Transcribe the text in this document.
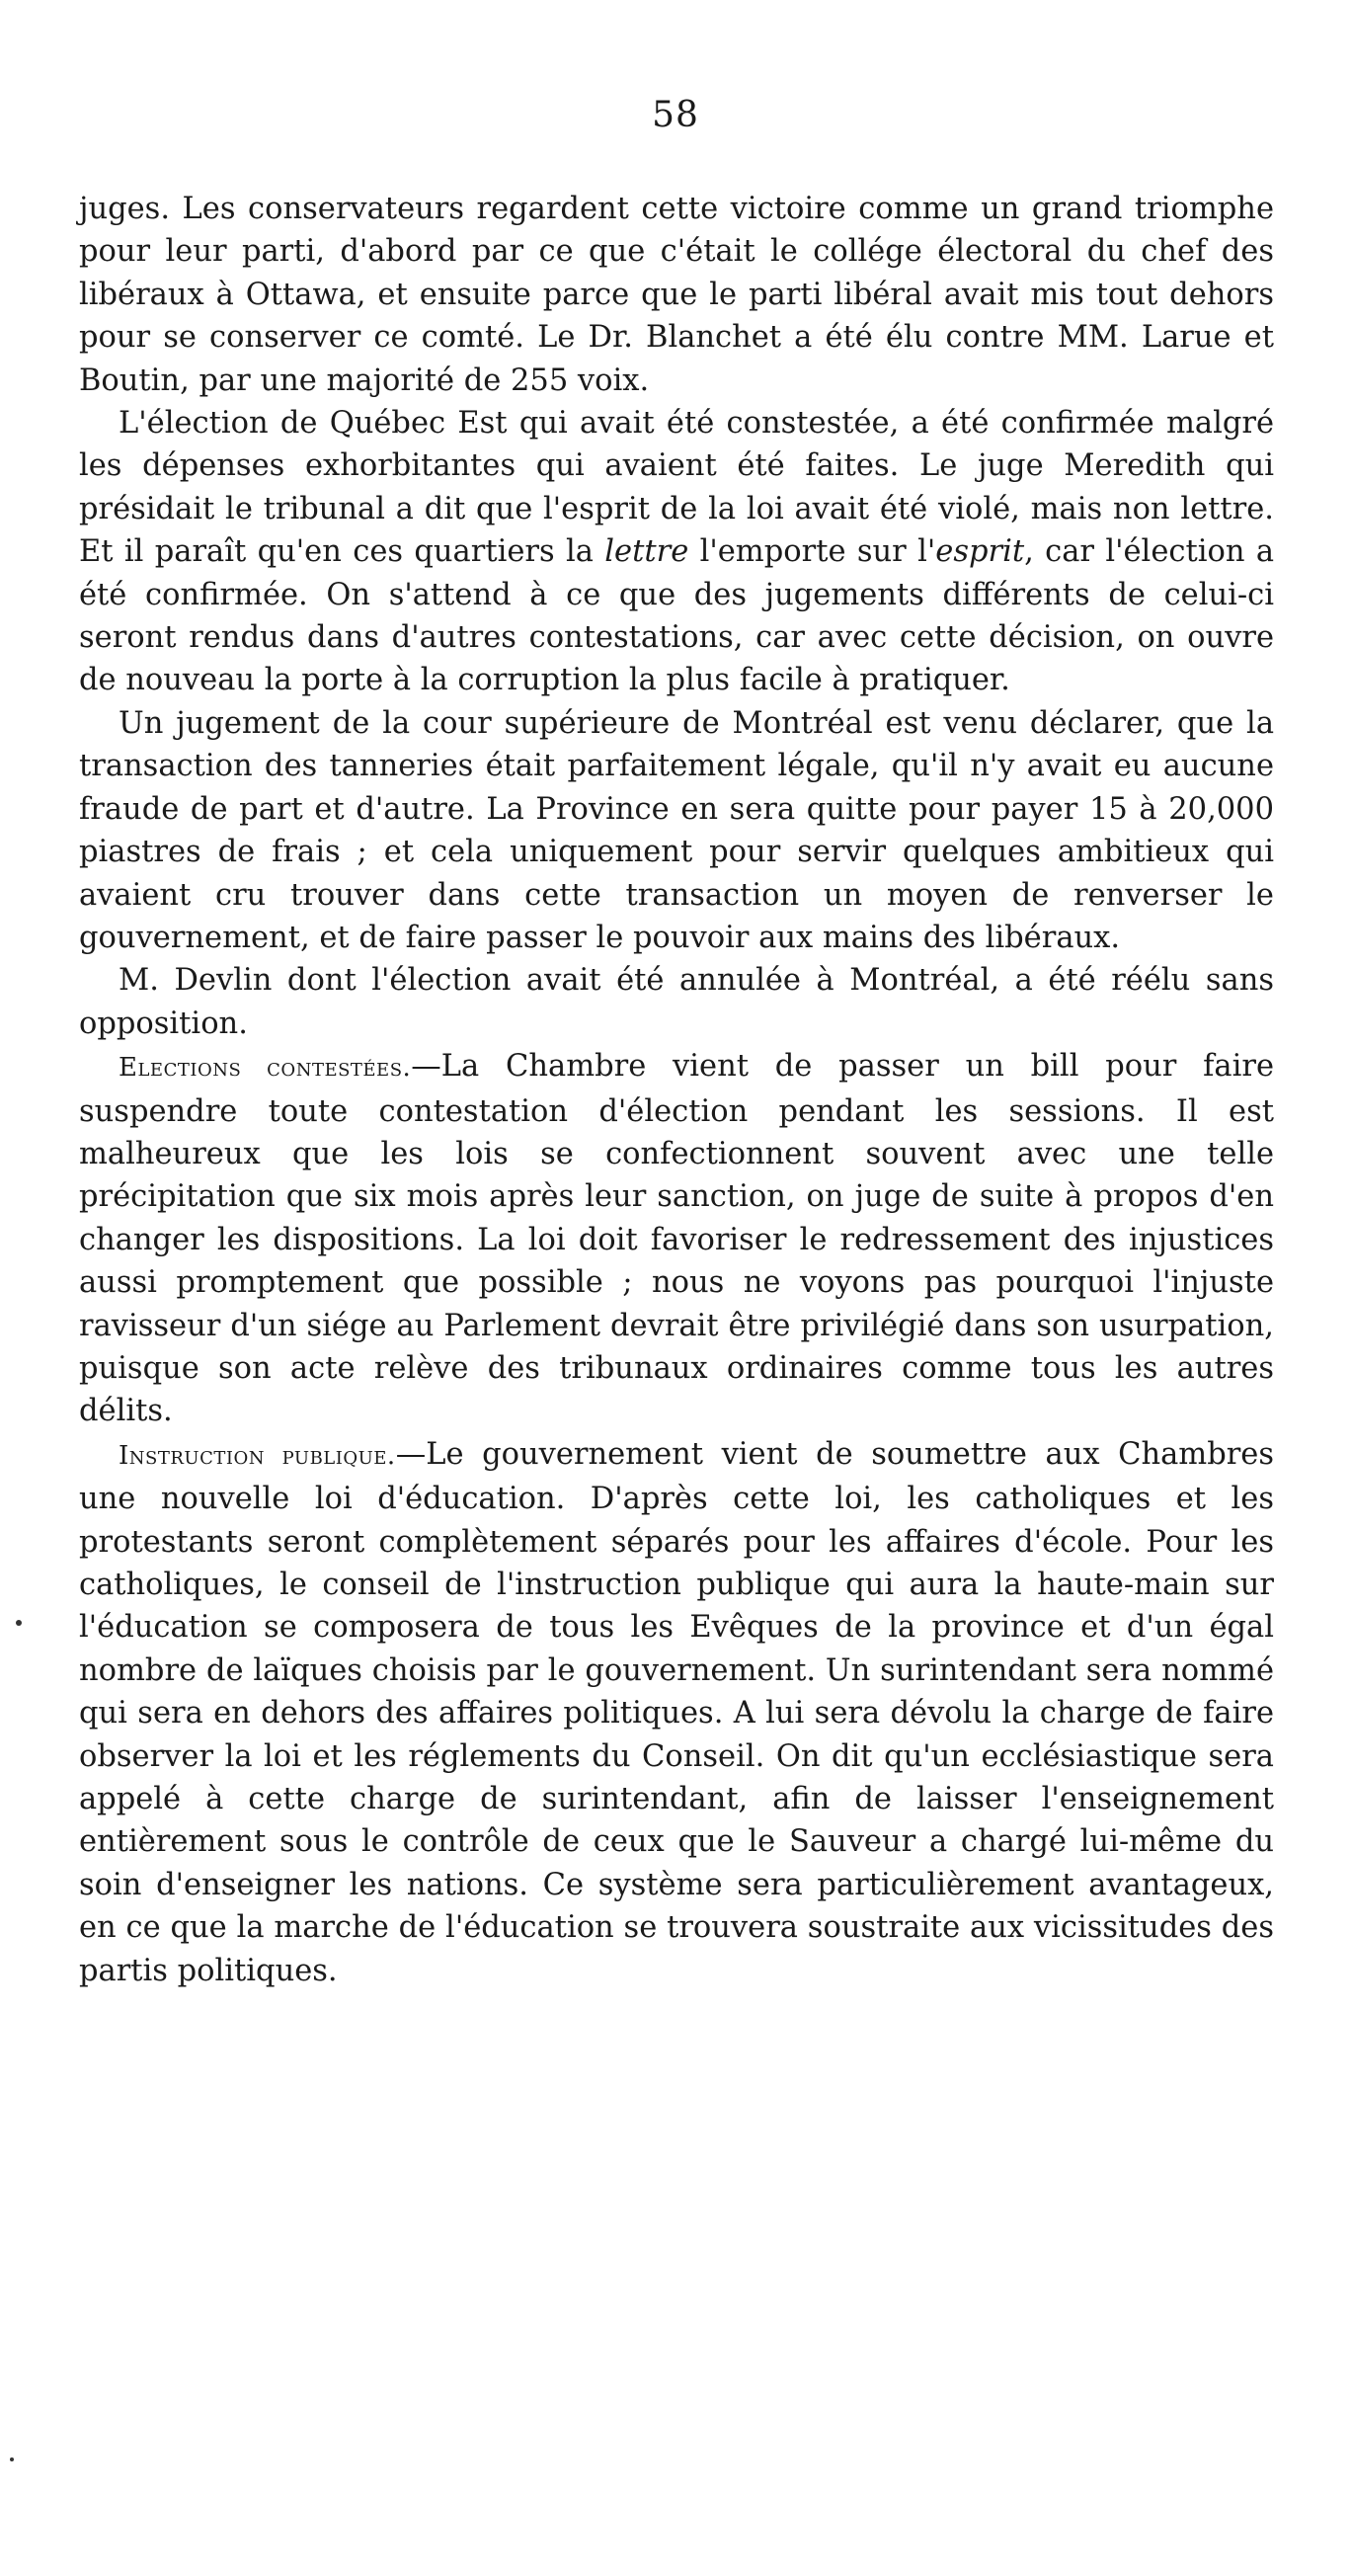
58

juges. Les conservateurs regardent cette victoire comme un grand triomphe pour leur parti, d'abord par ce que c'était le collége électoral du chef des libéraux à Ottawa, et ensuite parce que le parti libéral avait mis tout dehors pour se conserver ce comté. Le Dr. Blanchet a été élu contre MM. Larue et Boutin, par une majorité de 255 voix.

L'élection de Québec Est qui avait été constestée, a été confirmée malgré les dépenses exhorbitantes qui avaient été faites. Le juge Meredith qui présidait le tribunal a dit que l'esprit de la loi avait été violé, mais non lettre. Et il paraît qu'en ces quartiers la lettre l'emporte sur l'esprit, car l'élection a été confirmée. On s'attend à ce que des jugements différents de celui-ci seront rendus dans d'autres contestations, car avec cette décision, on ouvre de nouveau la porte à la corruption la plus facile à pratiquer.

Un jugement de la cour supérieure de Montréal est venu déclarer, que la transaction des tanneries était parfaitement légale, qu'il n'y avait eu aucune fraude de part et d'autre. La Province en sera quitte pour payer 15 à 20,000 piastres de frais ; et cela uniquement pour servir quelques ambitieux qui avaient cru trouver dans cette transaction un moyen de renverser le gouvernement, et de faire passer le pouvoir aux mains des libéraux.

M. Devlin dont l'élection avait été annulée à Montréal, a été réélu sans opposition.

Elections contestées.—La Chambre vient de passer un bill pour faire suspendre toute contestation d'élection pendant les sessions. Il est malheureux que les lois se confectionnent souvent avec une telle précipitation que six mois après leur sanction, on juge de suite à propos d'en changer les dispositions. La loi doit favoriser le redressement des injustices aussi promptement que possible ; nous ne voyons pas pourquoi l'injuste ravisseur d'un siége au Parlement devrait être privilégié dans son usurpation, puisque son acte relève des tribunaux ordinaires comme tous les autres délits.

Instruction publique.—Le gouvernement vient de soumettre aux Chambres une nouvelle loi d'éducation. D'après cette loi, les catholiques et les protestants seront complètement séparés pour les affaires d'école. Pour les catholiques, le conseil de l'instruction publique qui aura la haute-main sur l'éducation se composera de tous les Evêques de la province et d'un égal nombre de laïques choisis par le gouvernement. Un surintendant sera nommé qui sera en dehors des affaires politiques. A lui sera dévolu la charge de faire observer la loi et les réglements du Conseil. On dit qu'un ecclésiastique sera appelé à cette charge de surintendant, afin de laisser l'enseignement entièrement sous le contrôle de ceux que le Sauveur a chargé lui-même du soin d'enseigner les nations. Ce système sera particulièrement avantageux, en ce que la marche de l'éducation se trouvera soustraite aux vicissitudes des partis politiques.
